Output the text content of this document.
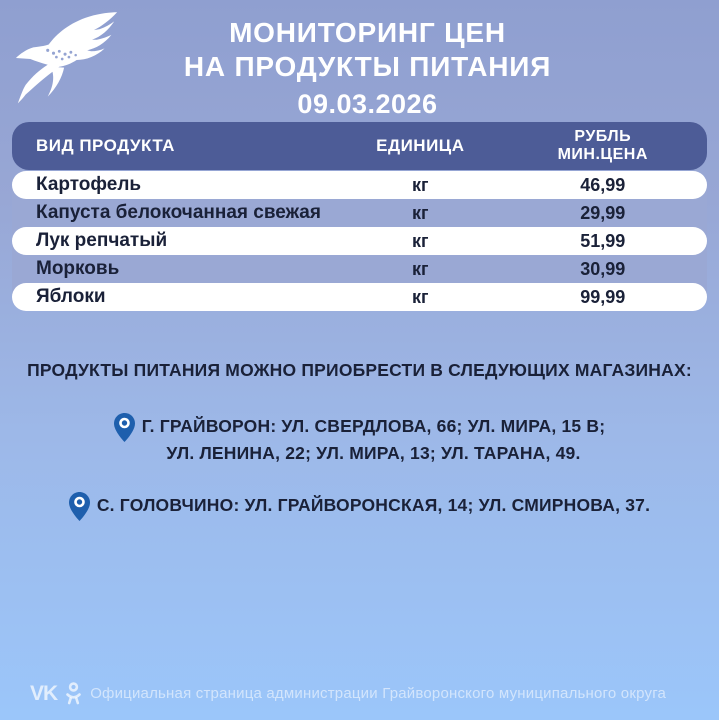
МОНИТОРИНГ ЦЕН
НА ПРОДУКТЫ ПИТАНИЯ
09.03.2026
ВИД ПРОДУКТА	ЕДИНИЦА	РУБЛЬ
МИН.ЦЕНА
Картофель	кг	46,99
Капуста белокочанная свежая	кг	29,99
Лук репчатый	кг	51,99
Морковь	кг	30,99
Яблоки	кг	99,99
ПРОДУКТЫ ПИТАНИЯ МОЖНО ПРИОБРЕСТИ В СЛЕДУЮЩИХ МАГАЗИНАХ:
Г. ГРАЙВОРОН: УЛ. СВЕРДЛОВА, 66; УЛ. МИРА, 15 В;
УЛ. ЛЕНИНА, 22; УЛ. МИРА, 13; УЛ. ТАРАНА, 49.
С. ГОЛОВЧИНО: УЛ. ГРАЙВОРОНСКАЯ, 14; УЛ. СМИРНОВА, 37.
VK Официальная страница администрации Грайворонского муниципального округа
